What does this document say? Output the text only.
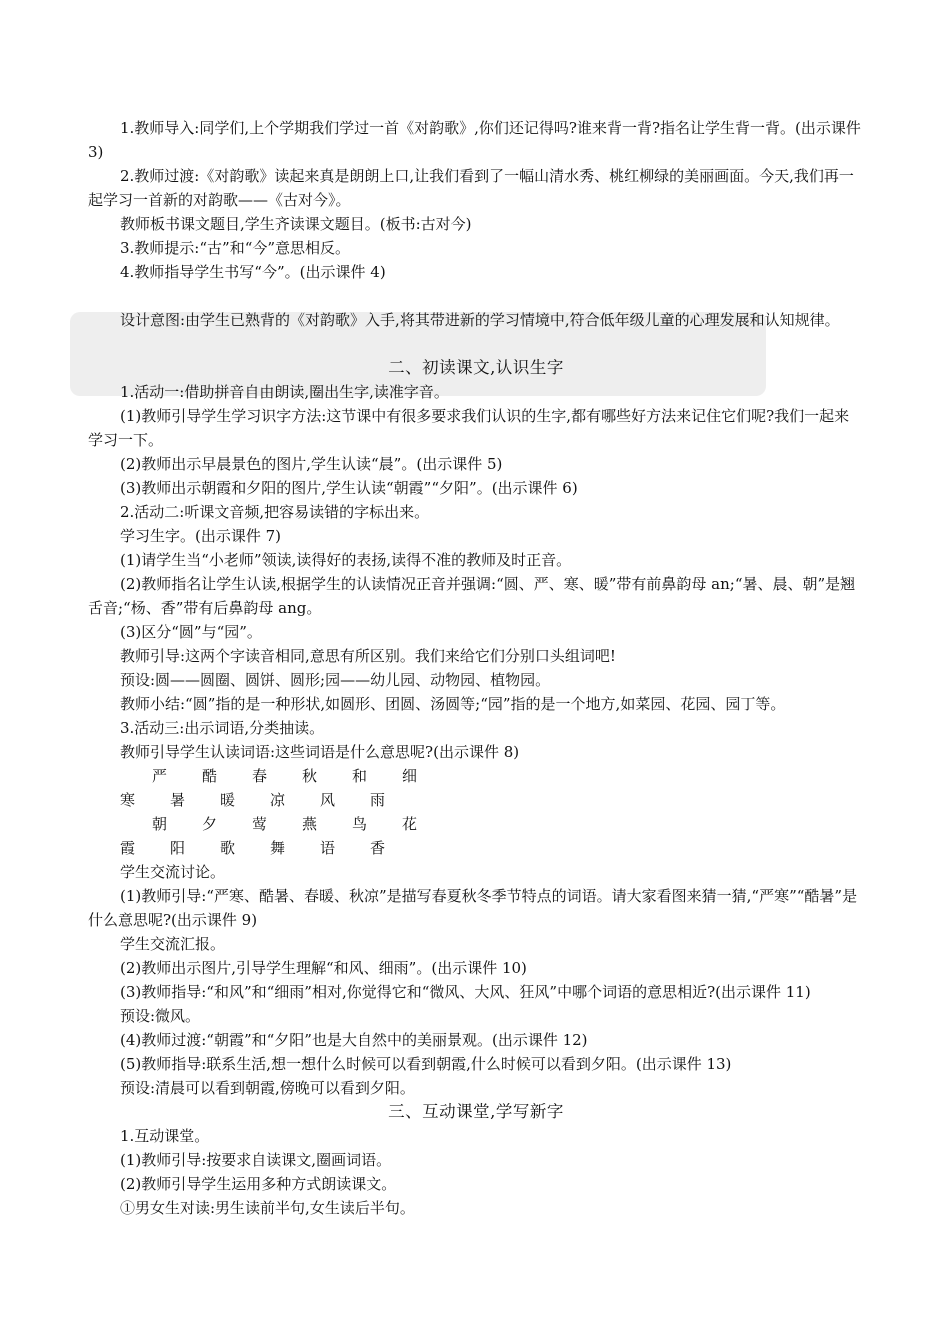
1.教师导入:同学们,上个学期我们学过一首《对韵歌》,你们还记得吗?谁来背一背?指名让学生背一背。(出示课件 3)

2.教师过渡:《对韵歌》读起来真是朗朗上口,让我们看到了一幅山清水秀、桃红柳绿的美丽画面。今天,我们再一起学习一首新的对韵歌——《古对今》。

教师板书课文题目,学生齐读课文题目。(板书:古对今)

3.教师提示:“古”和“今”意思相反。

4.教师指导学生书写“今”。(出示课件 4)

设计意图:由学生已熟背的《对韵歌》入手,将其带进新的学习情境中,符合低年级儿童的心理发展和认知规律。

二、初读课文,认识生字

1.活动一:借助拼音自由朗读,圈出生字,读准字音。

(1)教师引导学生学习识字方法:这节课中有很多要求我们认识的生字,都有哪些好方法来记住它们呢?我们一起来学习一下。

(2)教师出示早晨景色的图片,学生认读“晨”。(出示课件 5)

(3)教师出示朝霞和夕阳的图片,学生认读“朝霞”“夕阳”。(出示课件 6)

2.活动二:听课文音频,把容易读错的字标出来。

学习生字。(出示课件 7)

(1)请学生当“小老师”领读,读得好的表扬,读得不准的教师及时正音。

(2)教师指名让学生认读,根据学生的认读情况正音并强调:“圆、严、寒、暖”带有前鼻韵母 an;“暑、晨、朝”是翘舌音;“杨、香”带有后鼻韵母 ang。

(3)区分“圆”与“园”。

教师引导:这两个字读音相同,意思有所区别。我们来给它们分别口头组词吧!

预设:圆——圆圈、圆饼、圆形;园——幼儿园、动物园、植物园。

教师小结:“圆”指的是一种形状,如圆形、团圆、汤圆等;“园”指的是一个地方,如菜园、花园、园丁等。

3.活动三:出示词语,分类抽读。

教师引导学生认读词语:这些词语是什么意思呢?(出示课件 8)

严寒酷暑春暖秋凉和风细雨

朝霞夕阳莺歌燕舞鸟语花香

学生交流讨论。

(1)教师引导:“严寒、酷暑、春暖、秋凉”是描写春夏秋冬季节特点的词语。请大家看图来猜一猜,“严寒”“酷暑”是什么意思呢?(出示课件 9)

学生交流汇报。

(2)教师出示图片,引导学生理解“和风、细雨”。(出示课件 10)

(3)教师指导:“和风”和“细雨”相对,你觉得它和“微风、大风、狂风”中哪个词语的意思相近?(出示课件 11)

预设:微风。

(4)教师过渡:“朝霞”和“夕阳”也是大自然中的美丽景观。(出示课件 12)

(5)教师指导:联系生活,想一想什么时候可以看到朝霞,什么时候可以看到夕阳。(出示课件 13)

预设:清晨可以看到朝霞,傍晚可以看到夕阳。

三、互动课堂,学写新字

1.互动课堂。

(1)教师引导:按要求自读课文,圈画词语。

(2)教师引导学生运用多种方式朗读课文。

①男女生对读:男生读前半句,女生读后半句。
